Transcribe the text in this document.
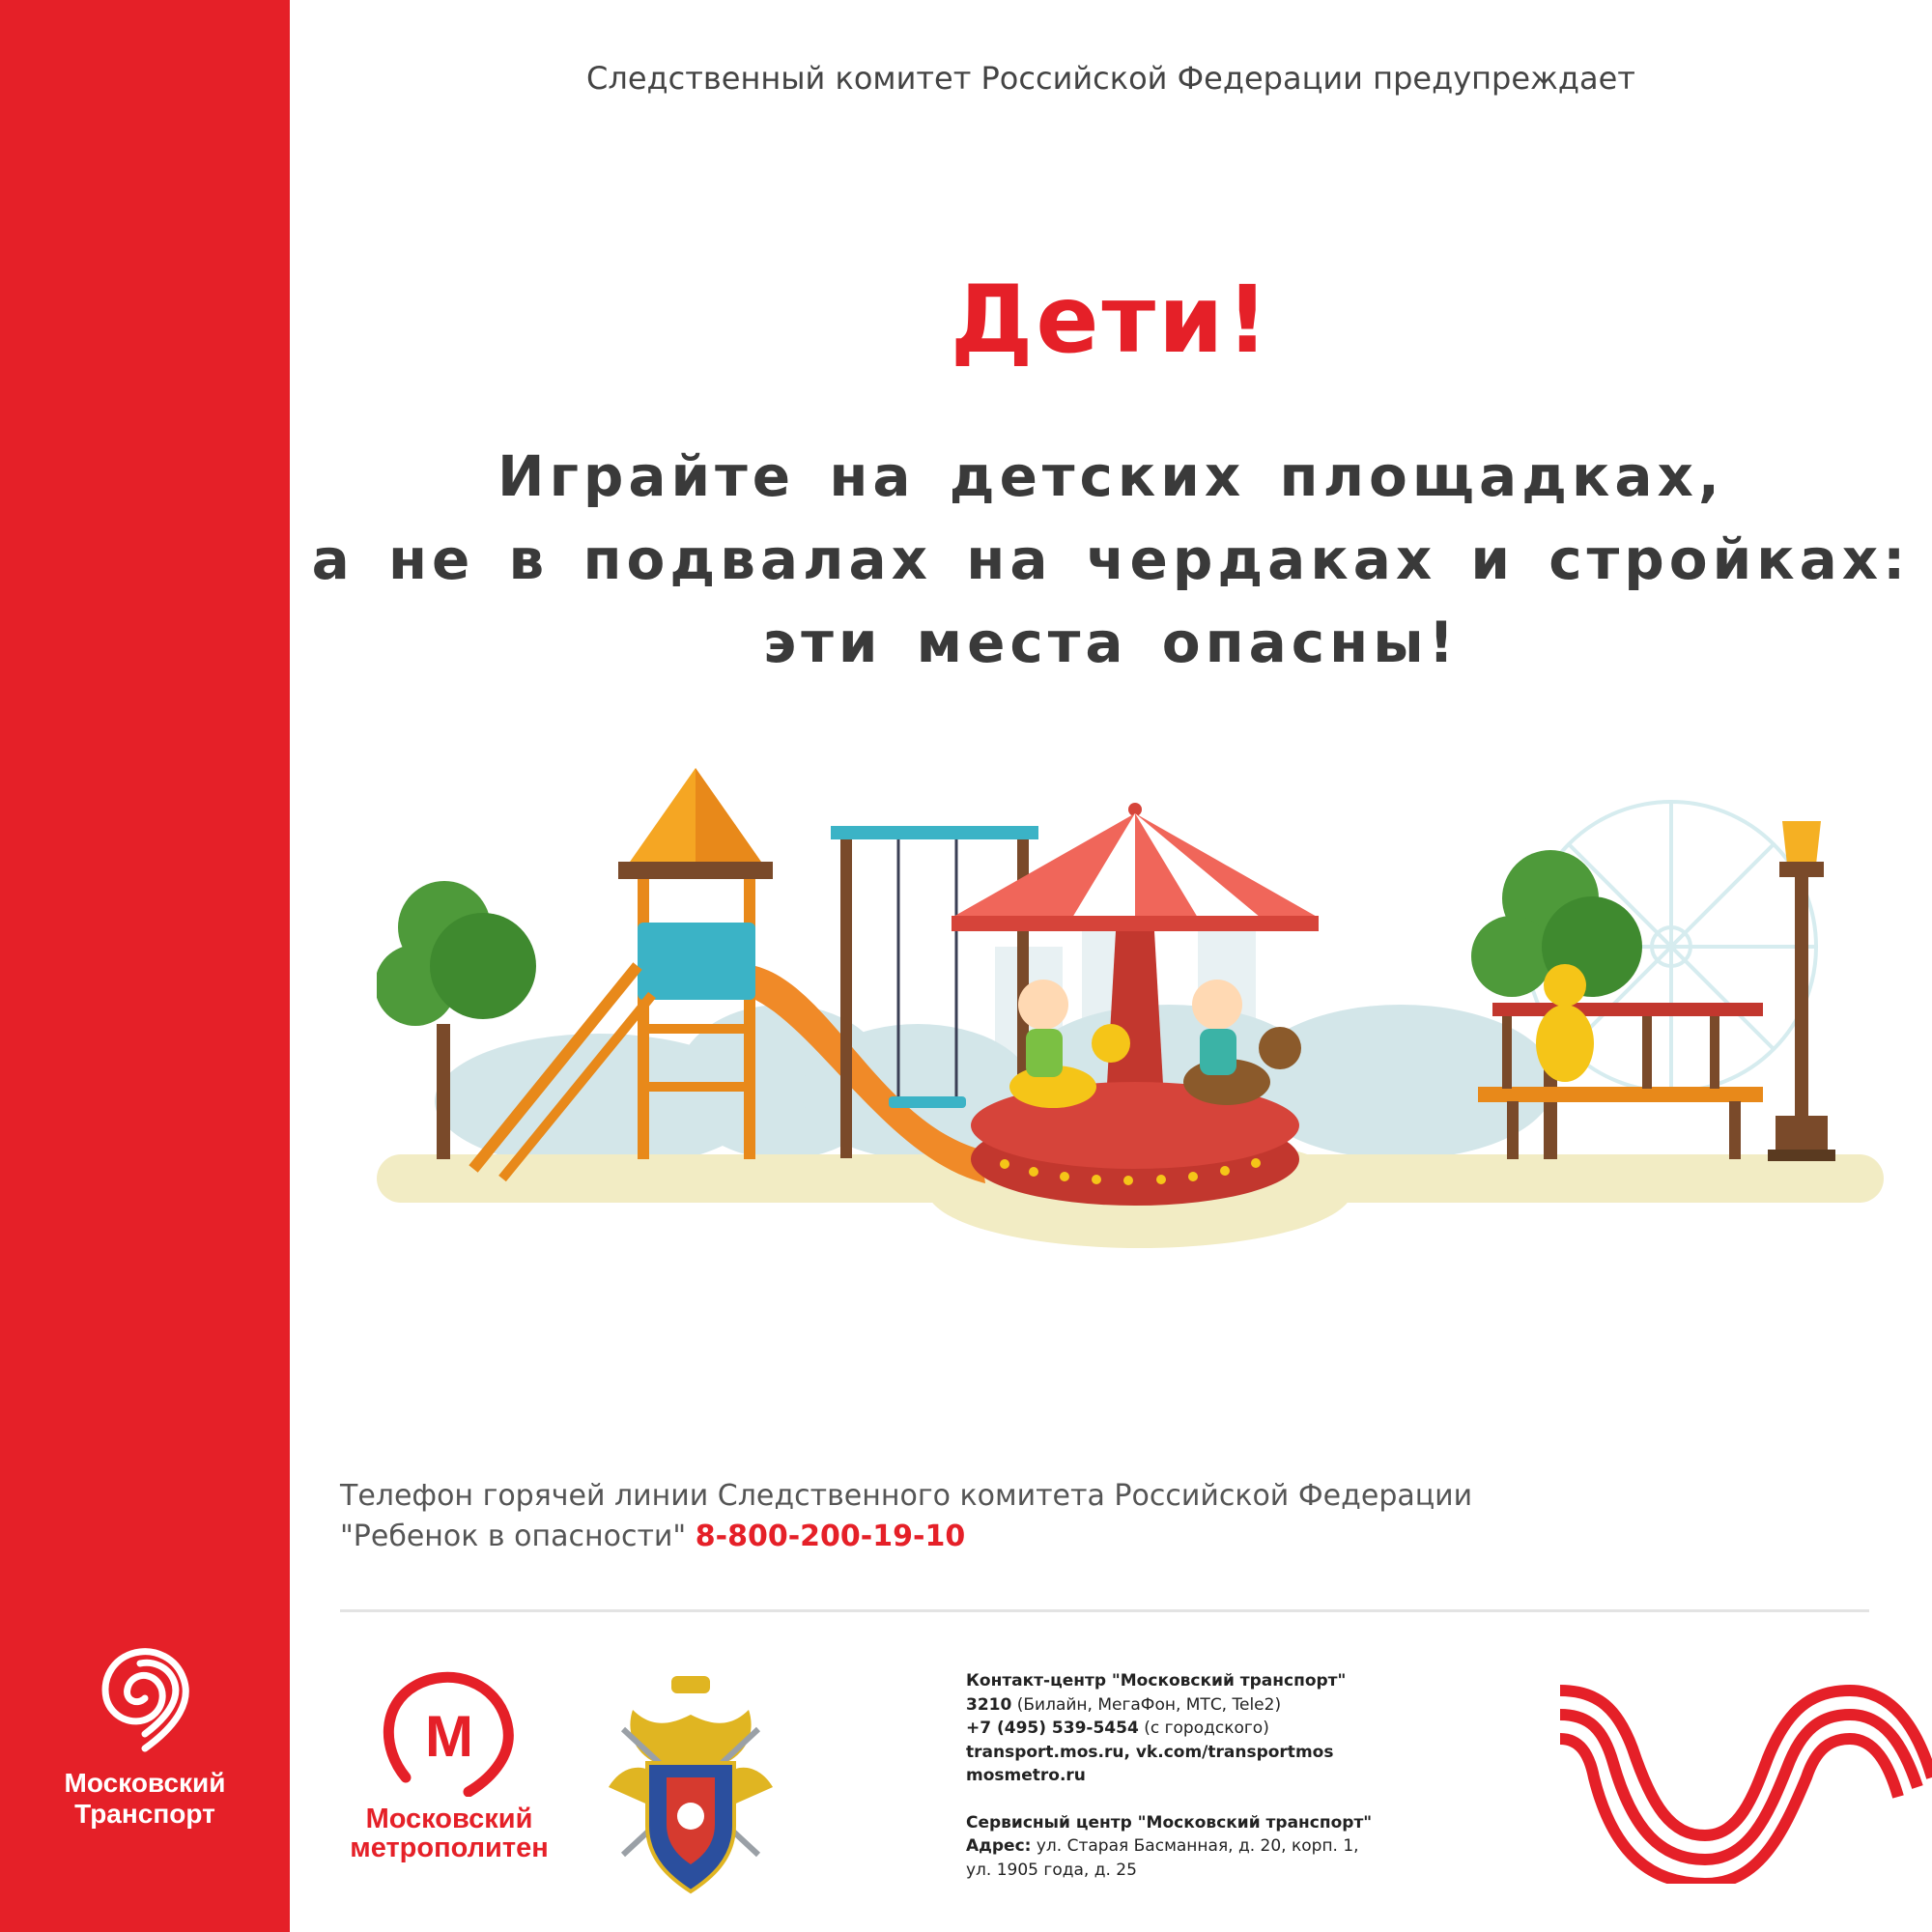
Московский
Транспорт
Следственный комитет Российской Федерации предупреждает
Дети!
Играйте на детских площадках,
а не в подвалах на чердаках и стройках:
эти места опасны!
Телефон горячей линии Следственного комитета Российской Федерации
"Ребенок в опасности" 8-800-200-19-10
М
Московский
метрополитен
Контакт-центр "Московский транспорт"
3210 (Билайн, МегаФон, МТС, Tele2)
+7 (495) 539-5454 (с городского)
transport.mos.ru, vk.com/transportmos
mosmetro.ru
Сервисный центр "Московский транспорт"
Адрес: ул. Старая Басманная, д. 20, корп. 1,
ул. 1905 года, д. 25
